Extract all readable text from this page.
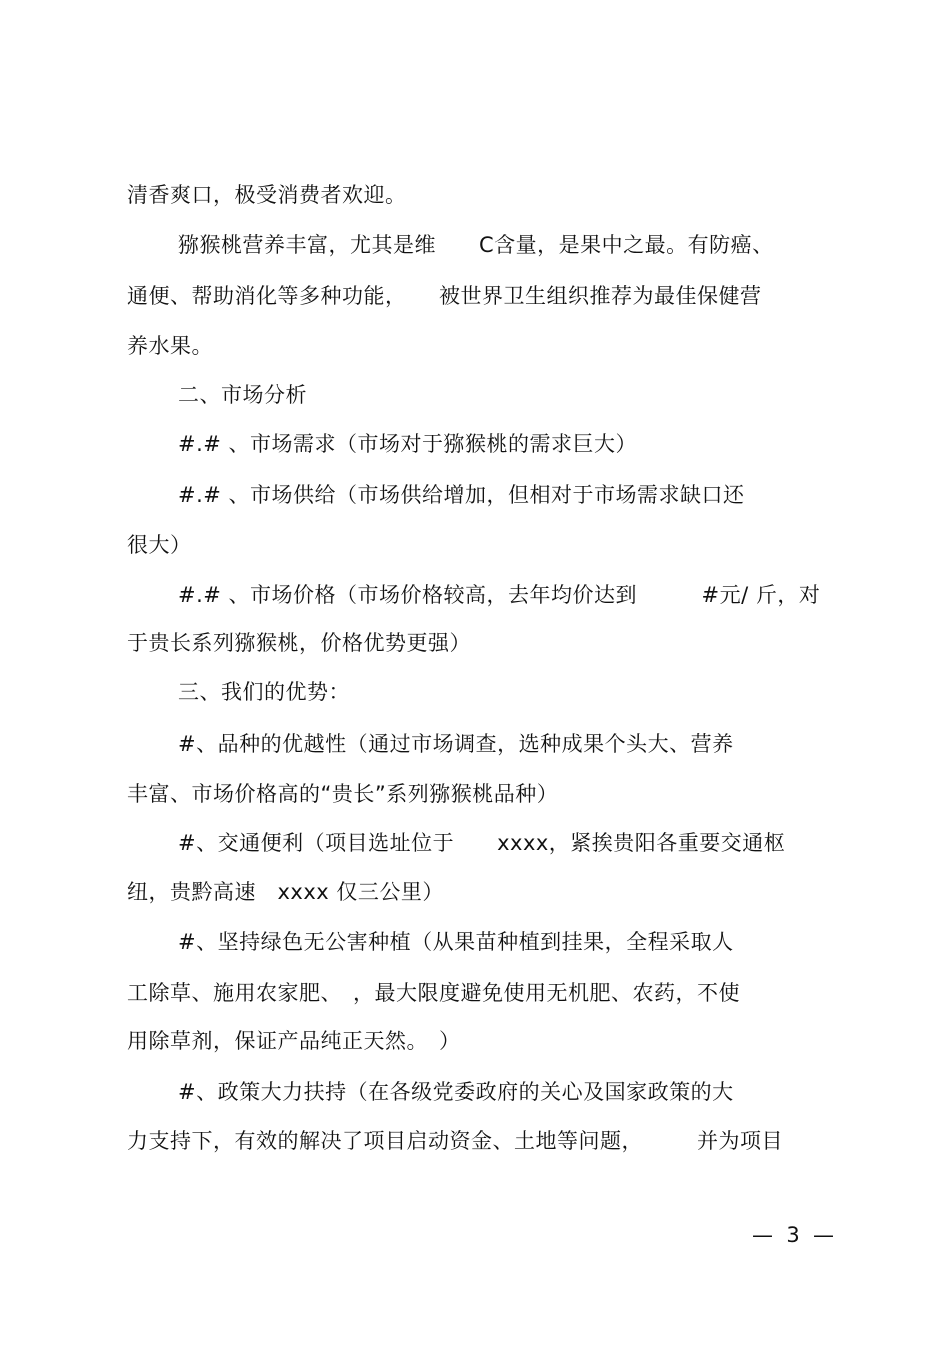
清香爽口，极受消费者欢迎。
猕猴桃营养丰富，尤其是维　　C含量，是果中之最。有防癌、
通便、帮助消化等多种功能，　　被世界卫生组织推荐为最佳保健营
养水果。
二、市场分析
#.# 、市场需求（市场对于猕猴桃的需求巨大）
#.# 、市场供给（市场供给增加，但相对于市场需求缺口还
很大）
#.# 、市场价格（市场价格较高，去年均价达到　　　#元/ 斤，对
于贵长系列猕猴桃，价格优势更强）
三、我们的优势：
#、品种的优越性（通过市场调查，选种成果个头大、营养
丰富、市场价格高的“贵长”系列猕猴桃品种）
#、交通便利（项目选址位于　　xxxx，紧挨贵阳各重要交通枢
纽，贵黔高速　xxxx 仅三公里）
#、坚持绿色无公害种植（从果苗种植到挂果，全程采取人
工除草、施用农家肥、　，最大限度避免使用无机肥、农药，不使
用除草剂，保证产品纯正天然。　）
#、政策大力扶持（在各级党委政府的关心及国家政策的大
力支持下，有效的解决了项目启动资金、土地等问题，　　　并为项目
—  3  —
